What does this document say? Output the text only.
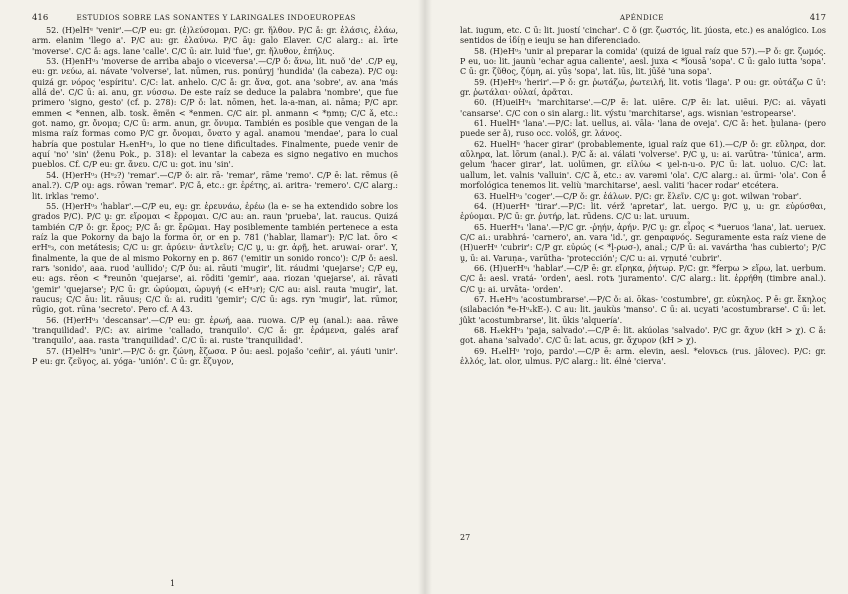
416	ESTUDIOS SOBRE LAS SONANTES Y LARINGALES INDOEUROPEAS

52. (H)elHᵘ 'venir'.—C/P eu: gr. (ἐ)λεύσομαι. P/C: gr. ἤλθον. P/C ǎ: gr. ἐλάσις, ἐλάω, arm. elanim 'llego a'. P/C au: gr. ἐλαύνω. P/C āṷ: galo Elaver. C/C alarg.: ai. īrte 'moverse'. C/C ǎ: ags. lane 'calle'. C/C ū: air. luid 'fue', gr. ἤλυθον, ἐπήλυς.

53. (H)enHᵘ₃ 'moverse de arriba abajo o viceversa'.—C/P ǒ: ἄνω, lit. nuõ 'de' .C/P eṷ, eu: gr. νεύω, ai. návate 'volverse', lat. nūmen, rus. ponúryj 'hundida' (la cabeza). P/C oṷ: quizá gr. νόρος 'espíritu'. C/C: lat. anhelo. C/C ǎ: gr. ἄνα, got. ana 'sobre', av. ana 'más allá de'. C/C ū: ai. anu, gr. νύσσω. De este raíz se deduce la palabra 'nombre', que fue primero 'signo, gesto' (cf. p. 278): C/P ǒ: lat. nōmen, het. la-a-man, ai. nāma; P/C apr. emmen < *ennen, alb. tosk. ẽmën < *enmen. C/C air. pl. anmann < *ņmņ; C/C ǎ, etc.: got. namo, gr. ὄνομα; C/C ū: arm. anun, gr. ὄνυμα. También es posible que vengan de la misma raíz formas como P/C gr. ὄνομαι, ὄνατο y agal. anamou 'mendae', para lo cual habría que postular HₓenHᵘ₃, lo que no tiene dificultades. Finalmente, puede venir de aquí 'no' 'sin' (ženu Pok., p. 318): el levantar la cabeza es signo negativo en muchos pueblos. Cf. C/P eu: gr. ἄνευ. C/C u: got. inu 'sin'.

54. (H)erHᵘ₃ (Hᵘ₂?) 'remar'.—C/P ǒ: air. rā- 'remar', rāme 'remo'. C/P ē: lat. rēmus (ē anal.?). C/P oṷ: ags. rōwan 'remar'. P/C ǎ, etc.: gr. ἐρέτης, ai. aritra- 'remero'. C/C alarg.: lit. irklas 'remo'.

55. (H)erHᵘ₃ 'hablar'.—C/P eu, eṷ: gr. ἐρευνάω, ἐρέω (la e- se ha extendido sobre los grados P/C). P/C ṷ: gr. εἴρομαι < ἔρρομαι. C/C au: an. raun 'prueba', lat. raucus. Quizá también C/P ǒ: gr. ἔρος; P/C ǎ: gr. ἔρῶμαι. Hay posiblemente también pertenece a esta raíz la que Pokorny da bajo la forma ōr, or en p. 781 ('hablar, llamar'): P/C lat. ōro < erHᵘ₃, con metátesis; C/C u: gr. ἀρύειν· ἀντλεῖν; C/C ṷ, u: gr. ἀρῇ, het. aruwai- orar'. Y, finalmente, la que de al mismo Pokorny en p. 867 ('emitir un sonido ronco'): C/P ǒ: aesl. rarъ 'sonido', aaa. ruod 'aullido'; C/P ǒu: ai. rāuti 'mugir', lit. ráudmi 'quejarse'; C/P eṷ, eu: ags. rēon < *reunōn 'quejarse', ai. rōditi 'gemir', aaa. riozan 'quejarse', ai. rāvati 'gemir' 'quejarse'; P/C ū: gr. ὠρύομαι, ὠρυγή (< eHᵘ₃r); C/C au: aisl. rauta 'mugir', lat. raucus; C/C āu: lit. rāuus; C/C ǔ: ai. ruditi 'gemir'; C/C ū: ags. ryn 'mugir', lat. rūmor, rūgio, got. rūna 'secreto'. Pero cf. A 43.

56. (H)erHᵘ₃ 'descansar'.—C/P eu: gr. ἐρωή, aaa. ruowa. C/P eṷ (anal.): aaa. rāwe 'tranquilidad'. P/C: av. airime 'callado, tranquilo'. C/C ǎ: gr. ἐράμενα, galés araf 'tranquilo', aaa. rasta 'tranquilidad'. C/C ū: ai. ruste 'tranquilidad'.

57. (H)elHᵘ₃ 'unir'.—P/C ǒ: gr. ζώνη, ἔζωσα. P ōu: aesl. pojašo 'ceñir', ai. yáuti 'unir'. P eu: gr. ζεῦγος, ai. yóga- 'unión'. C ū: gr. ἔζυγον,

1
APÉNDICE	417

lat. iugum, etc. C ū: lit. juostí 'cinchar'. C ǒ (gr. ζωστός, lit. júosta, etc.) es analógico. Los sentidos de ἰδίῃ e ieuju se han diferenciado.

58. (H)eHᵘ₃ 'unir al preparar la comida' (quizá de igual raíz que 57).—P ǒ: gr. ζωμός. P eu, uo: lit. jaunù 'echar agua caliente', aesl. juxa < *ǐousā 'sopa'. C ū: galo iutta 'sopa'. C ū: gr. ζῦθος, ζύμη, ai. yūṣ 'sopa', lat. iūs, lit. jūšė 'una sopa'.

59. (H)eHᵘ₃ 'herir'.—P ǒ: gr. ῥωτάζω, ῥωτειλή, lit. votis 'llaga'. P ou: gr. οὐτάζω C ū': gr. ῥωτάλαι· οὐλαί, ἀρᾶται.

60. (H)ueiHᵘ₁ 'marchitarse'.—C/P ē: lat. uiēre. C/P ēi: lat. uiēui. P/C: ai. vāyati 'cansarse'. C/C con o sin alarg.: lit. výstu 'marchitarse', ags. wisnian 'estropearse'.

61. HuelHᵘ 'lana'.—P/C: lat. uellus, ai. vāla- 'lana de oveja'. C/C ǎ: het. ḫulana- (pero puede ser ǎ), ruso occ. volóš, gr. λάνος.

62. HuelHᵘ 'hacer girar' (probablemente, igual raíz que 61).—C/P ǒ: gr. εὔληρα, dor. αὔληρα, lat. lōrum (anal.). P/C ǎ: ai. válati 'volverse'. P/C ṷ, u: ai. varūtra- 'túnica', arm. gelum 'hacer girar', lat. uolūmen, gr. εἰλύω < ṷel-n-u-o. P/C ū: lat. uoluo. C/C: lat. uallum, let. valnis 'valluin'. C/C ǎ, etc.: av. varəmi 'ola'. C/C alarg.: ai. ūrmi- 'ola'. Con ḗ morfológica tenemos lit. veliù 'marchitarse', aesl. valiti 'hacer rodar' etcétera.

63. HuelHᵘ₃ 'coger'.—C/P ǒ: gr. ἑάλων. P/C: gr. ἔλεῖν. C/C ṷ: got. wilwan 'robar'.

64. (H)uerHᵘ 'tirar'.—P/C: lit. vérž 'apretar', lat. uergo. P/C ṷ, u: gr. εὐρύσθαι, ἐρύομαι. P/C ū: gr. ῥυτήρ, lat. rūdens. C/C u: lat. uruum.

65. HuerHᵘ₁ 'lana'.—P/C gr. -ῥηήν, ἀρήν. P/C ṷ: gr. εἶρος < *ueruos 'lana', lat. ueruex. C/C ai.: urabhrá- 'carnero', an. vara 'id.', gr. genραφνός. Seguramente esta raíz viene de (H)uerHᵘ 'cubrir': C/P gr. εὐρώς (< *ḷ-ρωσ-), anal.; C/P ū: ai. vavártha 'has cubierto'; P/C ṷ, ū: ai. Varuṇa-, varūtha- 'protección'; C/C u: ai. vṛṇuté 'cubrir'.

66. (H)uerHᵘ₁ 'hablar'.—C/P ē: gr. εἴρηκα, ῥήτωρ. P/C: gr. *ferpω > εἴρω, lat. uerbum. C/C ǎ: aesl. vratá- 'orden', aesl. rotъ 'juramento'. C/C alarg.: lit. ἐρρήθη (timbre anal.). C/C ṷ: ai. urvāta- 'orden'.

67. HₓeHᵘ₃ 'acostumbrarse'.—P/C ǒ: ai. ōkas- 'costumbre', gr. εὐκηλος. P ē: gr. ἔκηλος (silabación *e-HᵘₓkE-). C au: lit. jaukùs 'manso'. C ū: ai. ucyati 'acostumbrarse'. C ū: let. jûkt 'acostumbrarse', lit. ūkis 'alquería'.

68. HₓekHᵘ₃ 'paja, salvado'.—C/P ē: lit. akúolas 'salvado'. P/C gr. ἄχυν (kH > χ). C ǎ: got. ahana 'salvado'. C/C ū: lat. acus, gr. ἄχυρον (kH > χ).

69. HₓelHᵘ 'rojo, pardo'.—C/P ē: arm. elevin, aesl. *elovьcь (rus. jālovec). P/C: gr. ἐλλός, lat. olor, ulmus. P/C alarg.: lit. élnė 'cierva'.

27
